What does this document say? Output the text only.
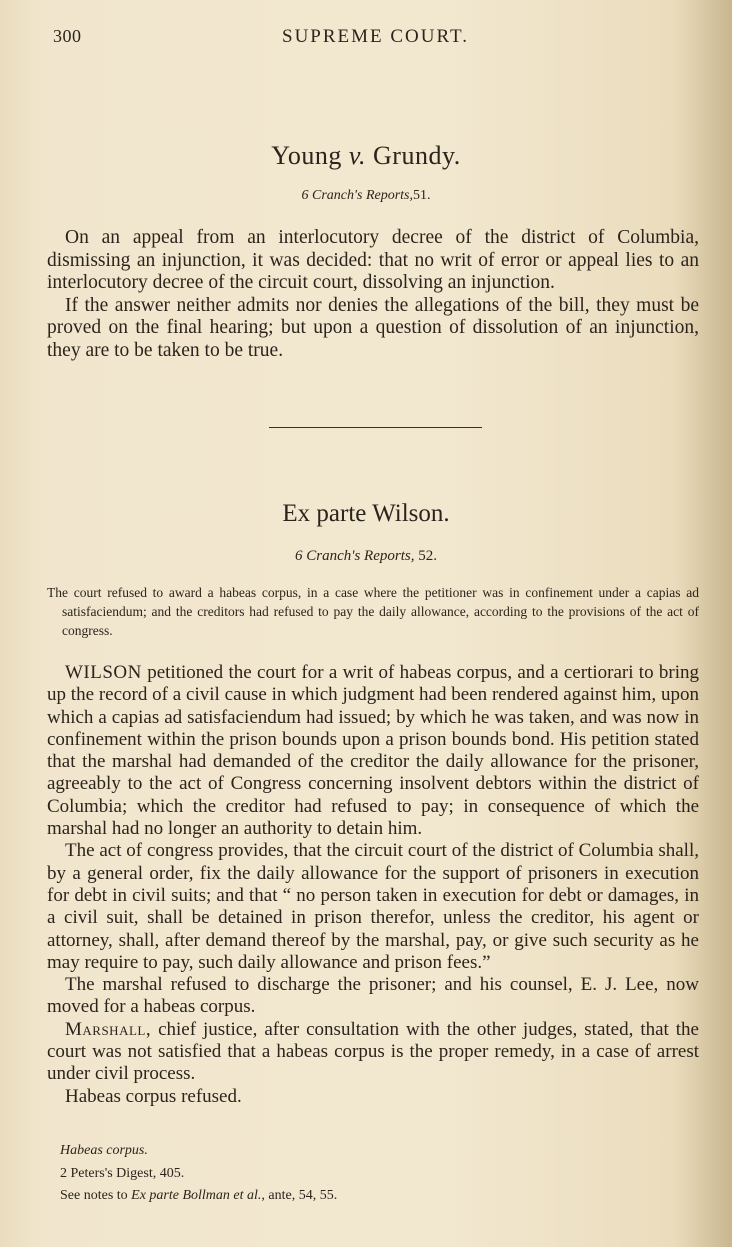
300	SUPREME COURT.
Young v. Grundy.
6 Cranch's Reports,51.

On an appeal from an interlocutory decree of the district of Columbia, dismissing an injunction, it was decided: that no writ of error or appeal lies to an interlocutory decree of the circuit court, dissolving an injunction.

If the answer neither admits nor denies the allegations of the bill, they must be proved on the final hearing; but upon a question of dissolution of an injunction, they are to be taken to be true.

Ex parte Wilson.
6 Cranch's Reports, 52.

The court refused to award a habeas corpus, in a case where the petitioner was in confinement under a capias ad satisfaciendum; and the creditors had refused to pay the daily allowance, according to the provisions of the act of congress.

WILSON petitioned the court for a writ of habeas corpus, and a certiorari to bring up the record of a civil cause in which judgment had been rendered against him, upon which a capias ad satisfaciendum had issued; by which he was taken, and was now in confinement within the prison bounds upon a prison bounds bond. His petition stated that the marshal had demanded of the creditor the daily allowance for the prisoner, agreeably to the act of Congress concerning insolvent debtors within the district of Columbia; which the creditor had refused to pay; in consequence of which the marshal had no longer an authority to detain him.

The act of congress provides, that the circuit court of the district of Columbia shall, by a general order, fix the daily allowance for the support of prisoners in execution for debt in civil suits; and that “ no person taken in execution for debt or damages, in a civil suit, shall be detained in prison therefor, unless the creditor, his agent or attorney, shall, after demand thereof by the marshal, pay, or give such security as he may require to pay, such daily allowance and prison fees.”

The marshal refused to discharge the prisoner; and his counsel, E. J. Lee, now moved for a habeas corpus.

Marshall, chief justice, after consultation with the other judges, stated, that the court was not satisfied that a habeas corpus is the proper remedy, in a case of arrest under civil process.

Habeas corpus refused.

Habeas corpus.
2 Peters's Digest, 405.
See notes to Ex parte Bollman et al., ante, 54, 55.
